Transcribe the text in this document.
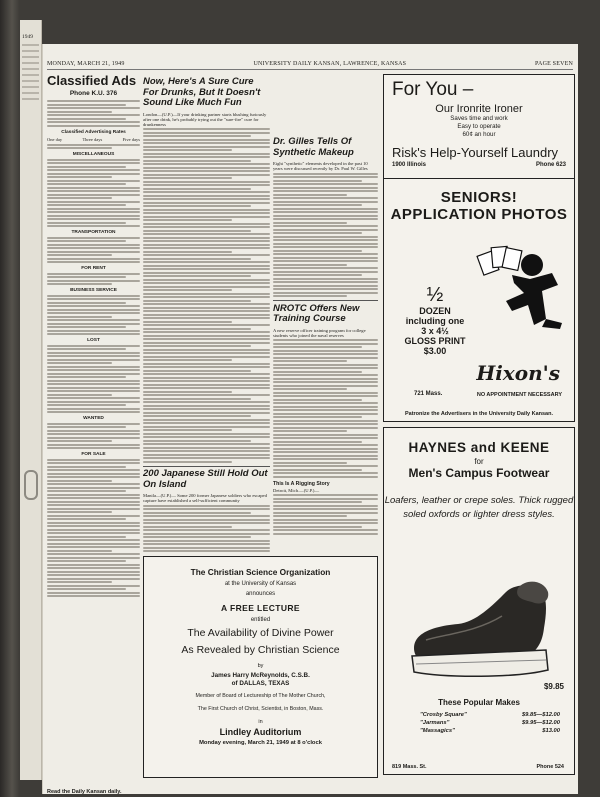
1949
MONDAY, MARCH 21, 1949	UNIVERSITY DAILY KANSAN, LAWRENCE, KANSAS	PAGE SEVEN
Classified Ads
Phone K.U. 376
Classified Advertising Rates
One day	Three days	Five days
MISCELLANEOUS
TRANSPORTATION
FOR RENT
BUSINESS SERVICE
LOST
WANTED
FOR SALE
Read the Daily Kansan daily.
Now, Here's A Sure Cure For Drunks, But It Doesn't Sound Like Much Fun
London—(U.P.)—If your drinking partner starts blushing furiously after one drink, he's probably trying out the "sure-fire" cure for drunkenness
200 Japanese Still Hold Out On Island
Manila—(U.P.)— Some 200 former Japanese soldiers who escaped capture have established a self-sufficient community
Dr. Gilles Tells Of Synthetic Makeup
Eight "synthetic" elements developed in the past 10 years were discussed recently by Dr. Paul W. Gilles
NROTC Offers New Training Course
A new reserve officer training program for college students who joined the naval reserves
This Is A Rigging Story
Detroit, Mich.—(U.P.)—
For You –
Our Ironrite Ironer
Saves time and work
Easy to operate
60¢ an hour
Risk's Help-Yourself Laundry
1900 Illinois	Phone 623
SENIORS!
APPLICATION PHOTOS
½
DOZEN
including one
3 x 4½
GLOSS PRINT
$3.00
Hixon's
721 Mass.	NO APPOINTMENT NECESSARY
Patronize the Advertisers in the University Daily Kansan.
HAYNES and KEENE
for
Men's Campus Footwear
Loafers, leather or crepe soles. Thick rugged soled oxfords or lighter dress styles.
$9.85
These Popular Makes
"Crosby Square"	$9.85—$12.00
"Jarmans"	$9.95—$12.00
"Massagics"	$13.00
819 Mass. St.	Phone 524
The Christian Science Organization
at the University of Kansas
announces
A FREE LECTURE
entitled
The Availability of Divine Power
As Revealed by Christian Science
by
James Harry McReynolds, C.S.B.
of DALLAS, TEXAS
Member of Board of Lectureship of The Mother Church,
The First Church of Christ, Scientist, in Boston, Mass.
in
Lindley Auditorium
Monday evening, March 21, 1949 at 8 o'clock
